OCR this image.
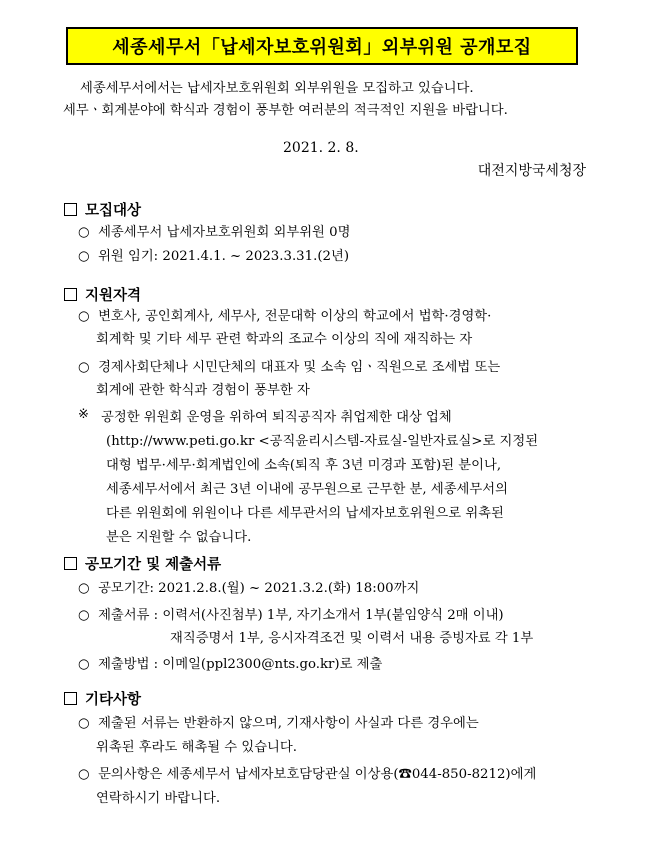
세종세무서「납세자보호위원회」외부위원 공개모집
세종세무서에서는 납세자보호위원회 외부위원을 모집하고 있습니다.
세무ㆍ회계분야에 학식과 경험이 풍부한 여러분의 적극적인 지원을 바랍니다.
2021. 2. 8.
대전지방국세청장
모집대상
○ 세종세무서 납세자보호위원회 외부위원 0명
○ 위원 임기: 2021.4.1. ~ 2023.3.31.(2년)
지원자격
○ 변호사, 공인회계사, 세무사, 전문대학 이상의 학교에서 법학·경영학·
회계학 및 기타 세무 관련 학과의 조교수 이상의 직에 재직하는 자
○ 경제사회단체나 시민단체의 대표자 및 소속 임ㆍ직원으로 조세법 또는
회계에 관한 학식과 경험이 풍부한 자
※ 공정한 위원회 운영을 위하여 퇴직공직자 취업제한 대상 업체
(http://www.peti.go.kr <공직윤리시스템-자료실-일반자료실>로 지정된
대형 법무·세무·회계법인에 소속(퇴직 후 3년 미경과 포함)된 분이나,
세종세무서에서 최근 3년 이내에 공무원으로 근무한 분, 세종세무서의
다른 위원회에 위원이나 다른 세무관서의 납세자보호위원으로 위촉된
분은 지원할 수 없습니다.
공모기간 및 제출서류
○ 공모기간: 2021.2.8.(월) ~ 2021.3.2.(화) 18:00까지
○ 제출서류 : 이력서(사진첨부) 1부, 자기소개서 1부(붙임양식 2매 이내)
재직증명서 1부, 응시자격조건 및 이력서 내용 증빙자료 각 1부
○ 제출방법 : 이메일(ppl2300@nts.go.kr)로 제출
기타사항
○ 제출된 서류는 반환하지 않으며, 기재사항이 사실과 다른 경우에는
위촉된 후라도 해촉될 수 있습니다.
○ 문의사항은 세종세무서 납세자보호담당관실 이상용(☎044-850-8212)에게
연락하시기 바랍니다.
